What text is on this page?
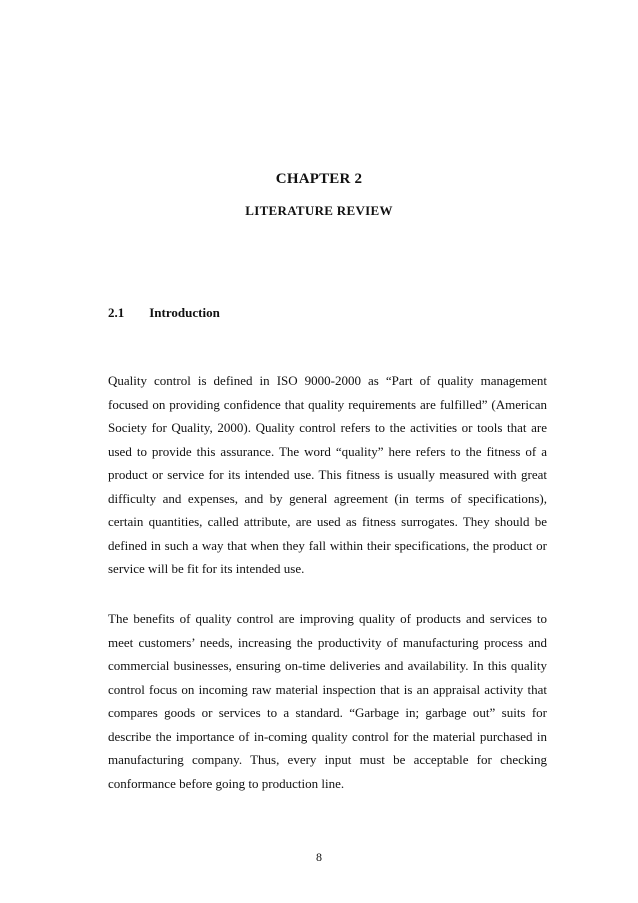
CHAPTER 2
LITERATURE REVIEW
2.1 Introduction

Quality control is defined in ISO 9000-2000 as “Part of quality management focused on providing confidence that quality requirements are fulfilled” (American Society for Quality, 2000). Quality control refers to the activities or tools that are used to provide this assurance. The word “quality” here refers to the fitness of a product or service for its intended use. This fitness is usually measured with great difficulty and expenses, and by general agreement (in terms of specifications), certain quantities, called attribute, are used as fitness surrogates. They should be defined in such a way that when they fall within their specifications, the product or service will be fit for its intended use.

The benefits of quality control are improving quality of products and services to meet customers’ needs, increasing the productivity of manufacturing process and commercial businesses, ensuring on-time deliveries and availability. In this quality control focus on incoming raw material inspection that is an appraisal activity that compares goods or services to a standard. “Garbage in; garbage out” suits for describe the importance of in-coming quality control for the material purchased in manufacturing company. Thus, every input must be acceptable for checking conformance before going to production line.

8
